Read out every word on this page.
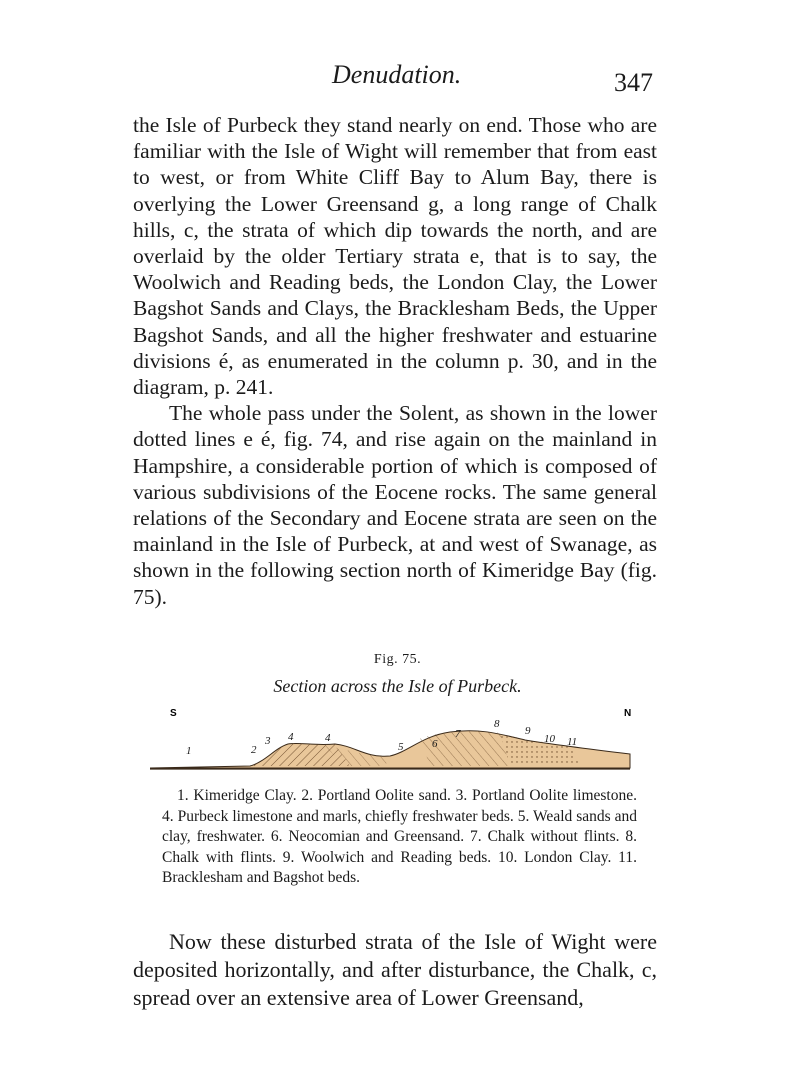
Denudation.	347

the Isle of Purbeck they stand nearly on end. Those who are familiar with the Isle of Wight will remember that from east to west, or from White Cliff Bay to Alum Bay, there is overlying the Lower Greensand g, a long range of Chalk hills, c, the strata of which dip towards the north, and are overlaid by the older Tertiary strata e, that is to say, the Woolwich and Reading beds, the London Clay, the Lower Bagshot Sands and Clays, the Bracklesham Beds, the Upper Bagshot Sands, and all the higher freshwater and estuarine divisions é, as enumerated in the column p. 30, and in the diagram, p. 241.

The whole pass under the Solent, as shown in the lower dotted lines e é, fig. 74, and rise again on the mainland in Hampshire, a considerable portion of which is composed of various subdivisions of the Eocene rocks. The same general relations of the Secondary and Eocene strata are seen on the mainland in the Isle of Purbeck, at and west of Swanage, as shown in the following section north of Kimeridge Bay (fig. 75).

Fig. 75.
Section across the Isle of Purbeck.
S	N
1	2
3 4	4
5	6
7
8
9
10 11

1. Kimeridge Clay. 2. Portland Oolite sand. 3. Portland Oolite limestone. 4. Purbeck limestone and marls, chiefly freshwater beds. 5. Weald sands and clay, freshwater. 6. Neocomian and Greensand. 7. Chalk without flints. 8. Chalk with flints. 9. Woolwich and Reading beds. 10. London Clay. 11. Bracklesham and Bagshot beds.

Now these disturbed strata of the Isle of Wight were deposited horizontally, and after disturbance, the Chalk, c, spread over an extensive area of Lower Greensand,
